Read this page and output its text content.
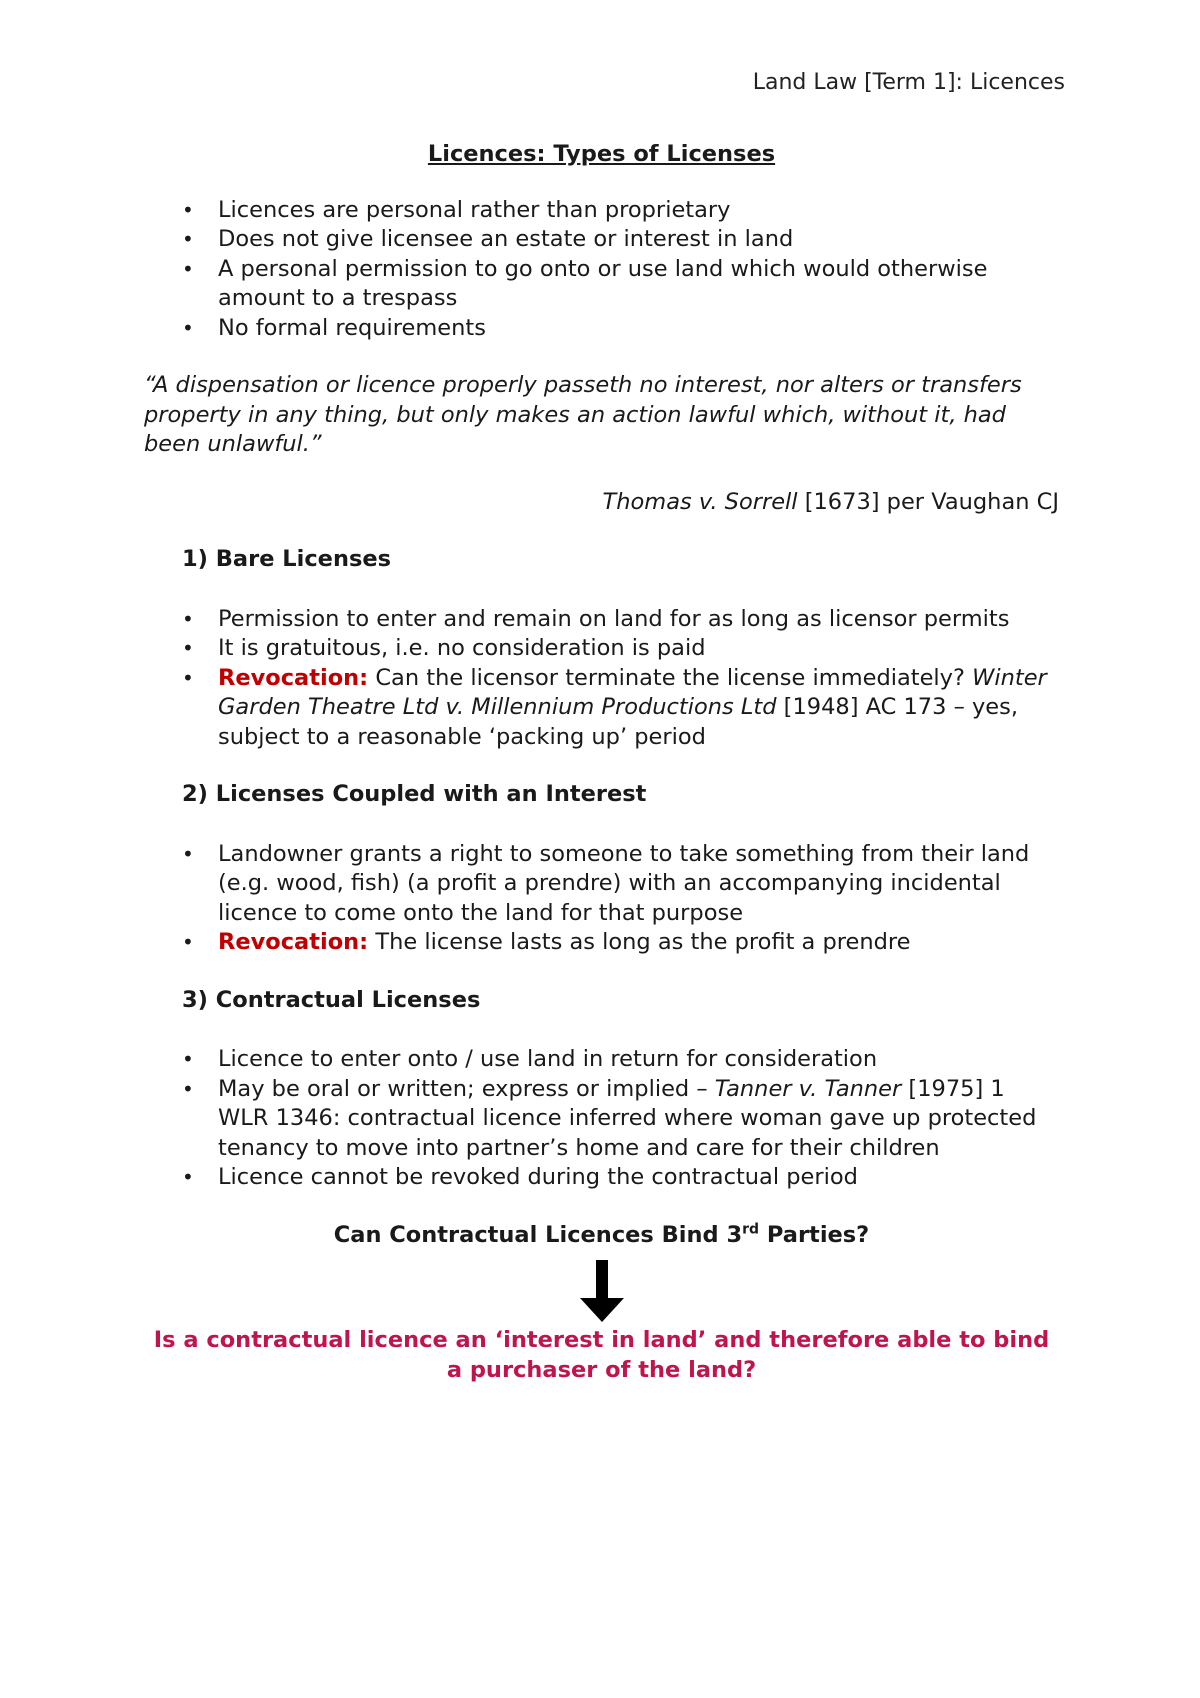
Land Law [Term 1]: Licences
Licences: Types of Licenses
• Licences are personal rather than proprietary
• Does not give licensee an estate or interest in land
• A personal permission to go onto or use land which would otherwise amount to a trespass
• No formal requirements
“A dispensation or licence properly passeth no interest, nor alters or transfers property in any thing, but only makes an action lawful which, without it, had been unlawful.”
Thomas v. Sorrell [1673] per Vaughan CJ
1) Bare Licenses
• Permission to enter and remain on land for as long as licensor permits
• It is gratuitous, i.e. no consideration is paid
• Revocation: Can the licensor terminate the license immediately? Winter Garden Theatre Ltd v. Millennium Productions Ltd [1948] AC 173 – yes, subject to a reasonable ‘packing up’ period
2) Licenses Coupled with an Interest
• Landowner grants a right to someone to take something from their land (e.g. wood, fish) (a profit a prendre) with an accompanying incidental licence to come onto the land for that purpose
• Revocation: The license lasts as long as the profit a prendre
3) Contractual Licenses
• Licence to enter onto / use land in return for consideration
• May be oral or written; express or implied – Tanner v. Tanner [1975] 1 WLR 1346: contractual licence inferred where woman gave up protected tenancy to move into partner’s home and care for their children
• Licence cannot be revoked during the contractual period
Can Contractual Licences Bind 3rd Parties?
Is a contractual licence an ‘interest in land’ and therefore able to bind a purchaser of the land?
